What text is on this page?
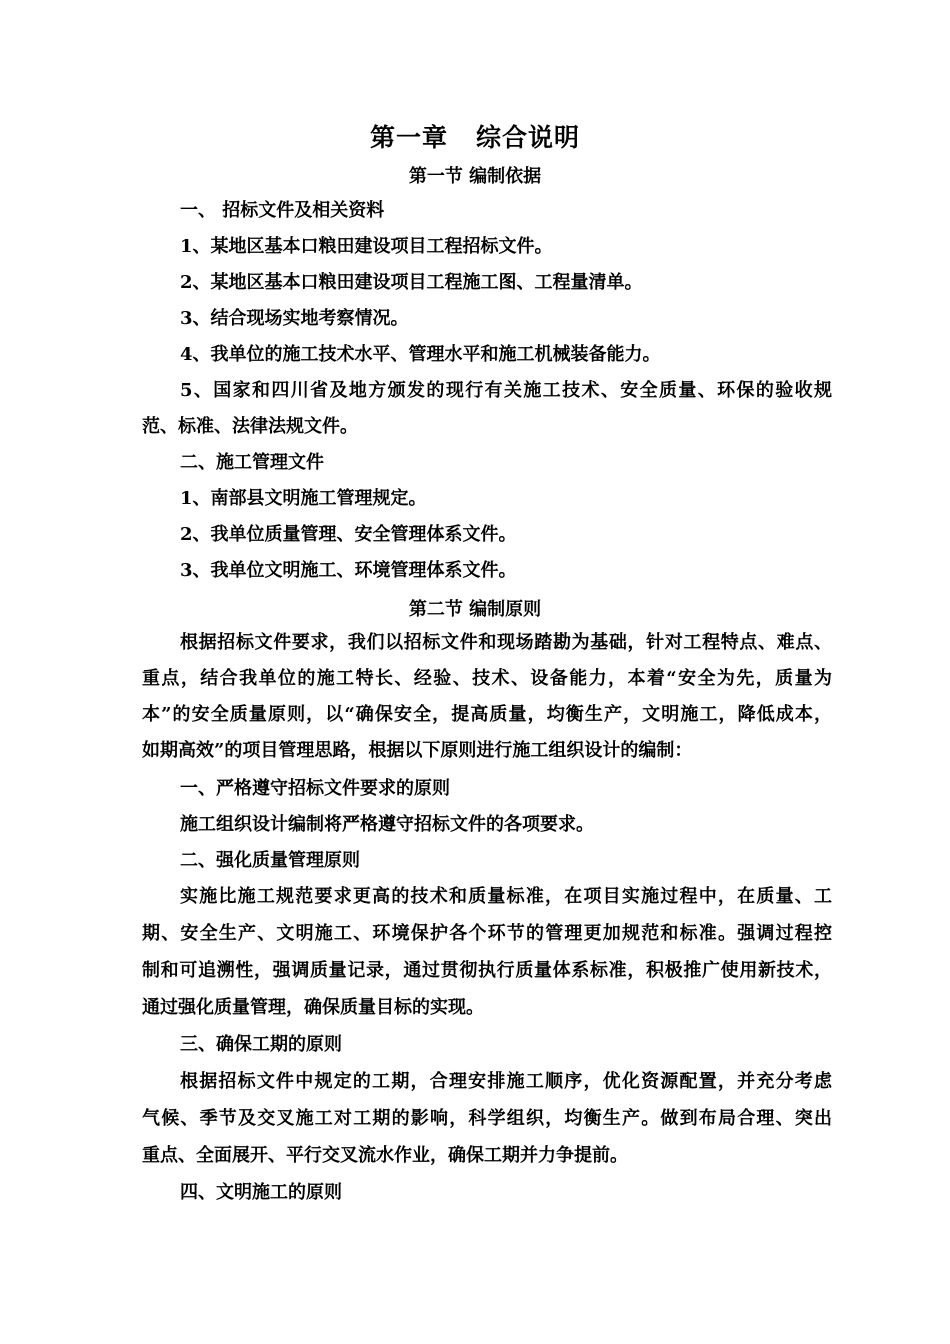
第一章 综合说明
第一节 编制依据
一、 招标文件及相关资料
1、某地区基本口粮田建设项目工程招标文件。
2、某地区基本口粮田建设项目工程施工图、工程量清单。
3、结合现场实地考察情况。
4、我单位的施工技术水平、管理水平和施工机械装备能力。
5、国家和四川省及地方颁发的现行有关施工技术、安全质量、环保的验收规
范、标准、法律法规文件。
二、施工管理文件
1、南部县文明施工管理规定。
2、我单位质量管理、安全管理体系文件。
3、我单位文明施工、环境管理体系文件。
第二节 编制原则
根据招标文件要求，我们以招标文件和现场踏勘为基础，针对工程特点、难点、
重点，结合我单位的施工特长、经验、技术、设备能力，本着“安全为先，质量为
本”的安全质量原则，以“确保安全，提高质量，均衡生产，文明施工，降低成本，
如期高效”的项目管理思路，根据以下原则进行施工组织设计的编制：
一、严格遵守招标文件要求的原则
施工组织设计编制将严格遵守招标文件的各项要求。
二、强化质量管理原则
实施比施工规范要求更高的技术和质量标准，在项目实施过程中，在质量、工
期、安全生产、文明施工、环境保护各个环节的管理更加规范和标准。强调过程控
制和可追溯性，强调质量记录，通过贯彻执行质量体系标准，积极推广使用新技术，
通过强化质量管理，确保质量目标的实现。
三、确保工期的原则
根据招标文件中规定的工期，合理安排施工顺序，优化资源配置，并充分考虑
气候、季节及交叉施工对工期的影响，科学组织，均衡生产。做到布局合理、突出
重点、全面展开、平行交叉流水作业，确保工期并力争提前。
四、文明施工的原则
